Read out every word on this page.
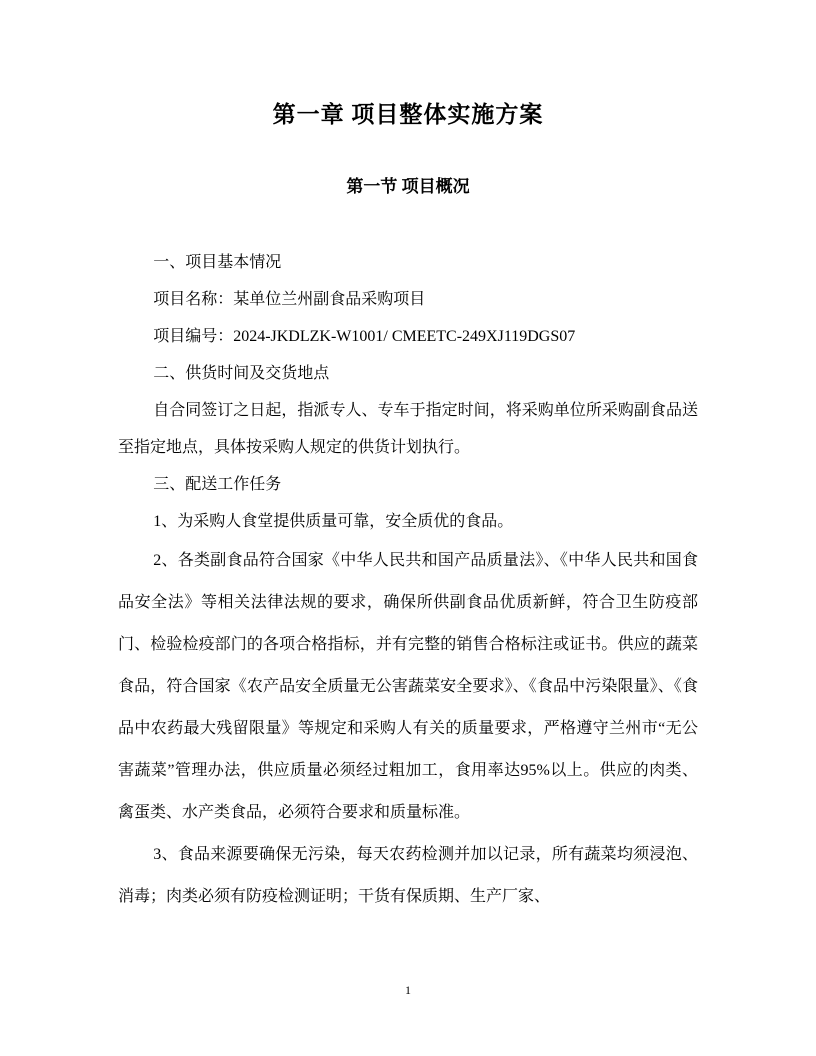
第一章 项目整体实施方案
第一节 项目概况

一、项目基本情况

项目名称：某单位兰州副食品采购项目

项目编号：2024-JKDLZK-W1001/ CMEETC-249XJ119DGS07

二、供货时间及交货地点

自合同签订之日起，指派专人、专车于指定时间，将采购单位所采购副食品送至指定地点，具体按采购人规定的供货计划执行。

三、配送工作任务

1、为采购人食堂提供质量可靠，安全质优的食品。

2、各类副食品符合国家《中华人民共和国产品质量法》、《中华人民共和国食品安全法》等相关法律法规的要求，确保所供副食品优质新鲜，符合卫生防疫部门、检验检疫部门的各项合格指标，并有完整的销售合格标注或证书。供应的蔬菜食品，符合国家《农产品安全质量无公害蔬菜安全要求》、《食品中污染限量》、《食品中农药最大残留限量》等规定和采购人有关的质量要求，严格遵守兰州市“无公害蔬菜”管理办法，供应质量必须经过粗加工，食用率达95%以上。供应的肉类、禽蛋类、水产类食品，必须符合要求和质量标准。

3、食品来源要确保无污染，每天农药检测并加以记录，所有蔬菜均须浸泡、消毒；肉类必须有防疫检测证明；干货有保质期、生产厂家、

1
